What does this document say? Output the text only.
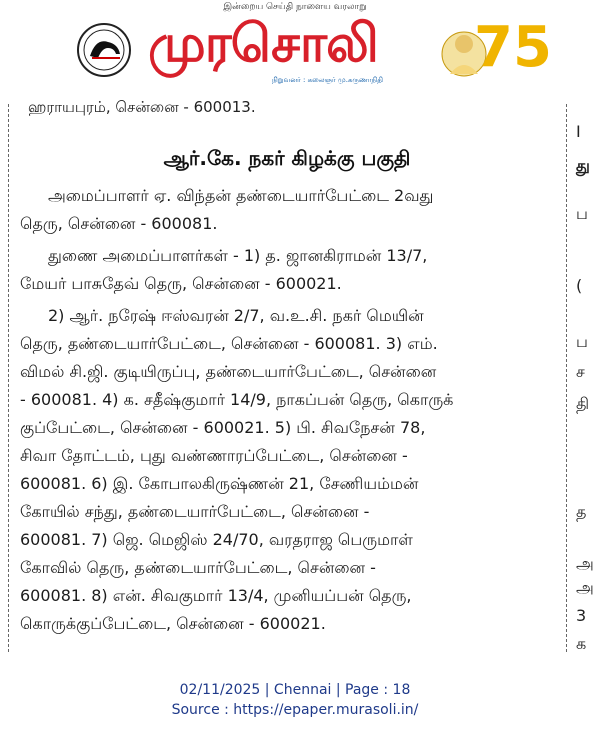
இன்றைய செய்தி நாளைய வரலாறு
முரசொலி
நிறுவனர் : கலைஞர் மு.கருணாநிதி 75
ஹராயபுரம், சென்னை - 600013.
ஆர்.கே. நகர் கிழக்கு பகுதி
அமைப்பாளர் ஏ. விந்தன் தண்டையார்பேட்டை 2வது
தெரு, சென்னை - 600081.
துணை அமைப்பாளர்கள் - 1) த. ஜானகிராமன் 13/7,
மேயர் பாசுதேவ் தெரு, சென்னை - 600021.
2) ஆர். நரேஷ் ஈஸ்வரன் 2/7, வ.உ.சி. நகர் மெயின்
தெரு, தண்டையார்பேட்டை, சென்னை - 600081. 3) எம்.
விமல் சி.ஜி. குடியிருப்பு, தண்டையார்பேட்டை, சென்னை
- 600081. 4) க. சதீஷ்குமார் 14/9, நாகப்பன் தெரு, கொருக்
குப்பேட்டை, சென்னை - 600021. 5) பி. சிவநேசன் 78,
சிவா தோட்டம், புது வண்ணாரப்பேட்டை, சென்னை -
600081. 6) இ. கோபாலகிருஷ்ணன் 21, சேணியம்மன்
கோயில் சந்து, தண்டையார்பேட்டை, சென்னை -
600081. 7) ஜெ. மெஜிஸ் 24/70, வரதராஜ பெருமாள்
கோவில் தெரு, தண்டையார்பேட்டை, சென்னை -
600081. 8) என். சிவகுமார் 13/4, முனியப்பன் தெரு,
கொருக்குப்பேட்டை, சென்னை - 600021.
I
து
ப
(
ப
ச
தி
த
அ
அ
3
க
02/11/2025 | Chennai | Page : 18
Source : https://epaper.murasoli.in/
